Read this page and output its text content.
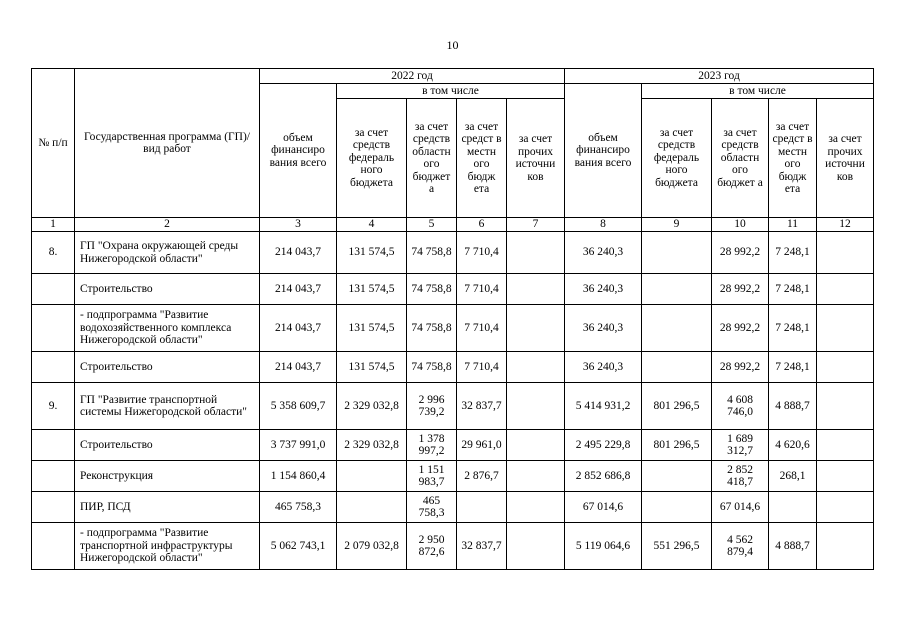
10
№ п/п	Государственная программа (ГП)/ вид работ	2022 год					2023 год				
		объем финансиро вания всего	в том числе				объем финансиро вания всего	в том числе			
			за счет средств федераль ного бюджета	за счет средств областн ого бюджет а	за счет средст в местн ого бюдж ета	за счет прочих источни ков		за счет средств федераль ного бюджета	за счет средств областн ого бюджет а	за счет средст в местн ого бюдж ета	за счет прочих источни ков
1	2	3	4	5	6	7	8	9	10	11	12
8.	ГП "Охрана окружающей среды Нижегородской области"	214 043,7	131 574,5	74 758,8	7 710,4		36 240,3		28 992,2	7 248,1	
	Строительство	214 043,7	131 574,5	74 758,8	7 710,4		36 240,3		28 992,2	7 248,1	
	- подпрограмма "Развитие водохозяйственного комплекса Нижегородской области"	214 043,7	131 574,5	74 758,8	7 710,4		36 240,3		28 992,2	7 248,1	
	Строительство	214 043,7	131 574,5	74 758,8	7 710,4		36 240,3		28 992,2	7 248,1	
9.	ГП "Развитие транспортной системы Нижегородской области"	5 358 609,7	2 329 032,8	2 996 739,2	32 837,7		5 414 931,2	801 296,5	4 608 746,0	4 888,7	
	Строительство	3 737 991,0	2 329 032,8	1 378 997,2	29 961,0		2 495 229,8	801 296,5	1 689 312,7	4 620,6	
	Реконструкция	1 154 860,4		1 151 983,7	2 876,7		2 852 686,8		2 852 418,7	268,1	
	ПИР, ПСД	465 758,3		465 758,3			67 014,6		67 014,6		
	- подпрограмма "Развитие транспортной инфраструктуры Нижегородской области"	5 062 743,1	2 079 032,8	2 950 872,6	32 837,7		5 119 064,6	551 296,5	4 562 879,4	4 888,7	
